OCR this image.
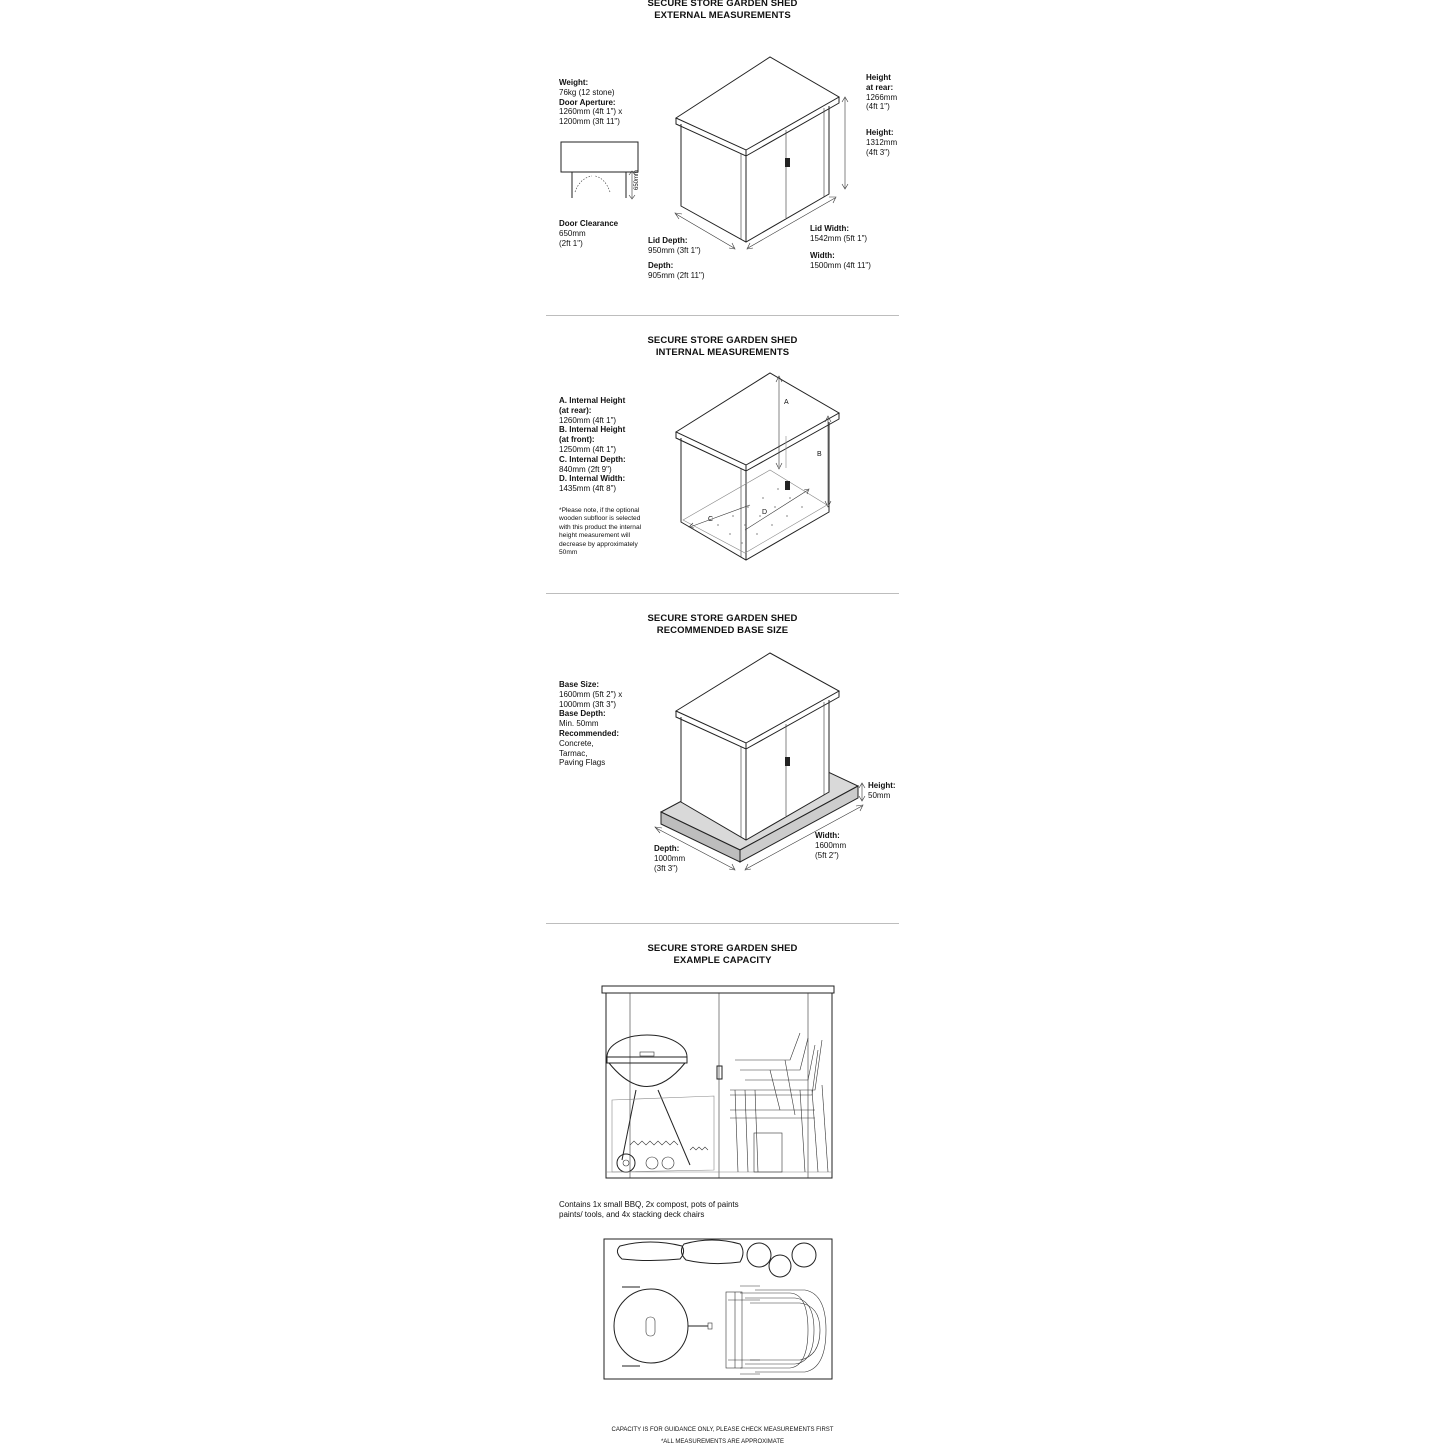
SECURE STORE GARDEN SHED
EXTERNAL MEASUREMENTS
Weight:
76kg (12 stone)
Door Aperture:
1260mm (4ft 1") x
1200mm (3ft 11")
650mm
Door Clearance
650mm
(2ft 1")	Lid Depth:
950mm (3ft 1")
Depth:
905mm (2ft 11")
Lid Width:
1542mm (5ft 1")
Width:
1500mm (4ft 11")
Height
at rear:
1266mm
(4ft 1")
Height:
1312mm
(4ft 3")
SECURE STORE GARDEN SHED
INTERNAL MEASUREMENTS
A. Internal Height
(at rear):
1260mm (4ft 1")
B. Internal Height
(at front):
1250mm (4ft 1")
C. Internal Depth:
840mm (2ft 9")
D. Internal Width:
1435mm (4ft 8")
*Please note, if the optional
wooden subfloor is selected
with this product the internal
height measurement will
decrease by approximately
50mm
A
B
C
D
SECURE STORE GARDEN SHED
RECOMMENDED BASE SIZE
Base Size:
1600mm (5ft 2") x
1000mm (3ft 3")
Base Depth:
Min. 50mm
Recommended:
Concrete,
Tarmac,
Paving Flags
Height:
50mm
Width:
1600mm
(5ft 2")
Depth:
1000mm
(3ft 3")
SECURE STORE GARDEN SHED
EXAMPLE CAPACITY
Contains 1x small BBQ, 2x compost, pots of paints
paints/ tools, and 4x stacking deck chairs
CAPACITY IS FOR GUIDANCE ONLY, PLEASE CHECK MEASUREMENTS FIRST
*ALL MEASUREMENTS ARE APPROXIMATE
